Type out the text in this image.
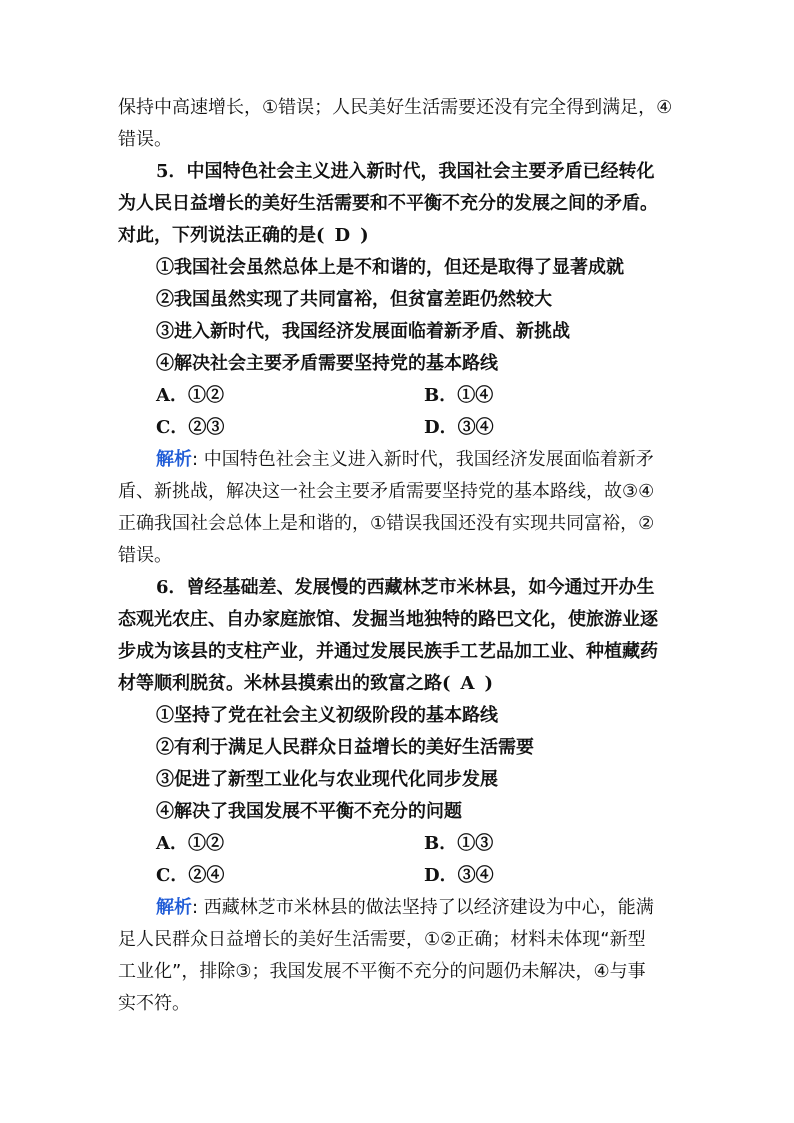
保持中高速增长，①错误；人民美好生活需要还没有完全得到满足，④
错误。
5．中国特色社会主义进入新时代，我国社会主要矛盾已经转化
为人民日益增长的美好生活需要和不平衡不充分的发展之间的矛盾。
对此，下列说法正确的是( D )
①我国社会虽然总体上是不和谐的，但还是取得了显著成就
②我国虽然实现了共同富裕，但贫富差距仍然较大
③进入新时代，我国经济发展面临着新矛盾、新挑战
④解决社会主要矛盾需要坚持党的基本路线
A．①②	B．①④
C．②③	D．③④
解析: 中国特色社会主义进入新时代，我国经济发展面临着新矛
盾、新挑战，解决这一社会主要矛盾需要坚持党的基本路线，故③④
正确我国社会总体上是和谐的，①错误我国还没有实现共同富裕，②
错误。
6．曾经基础差、发展慢的西藏林芝市米林县，如今通过开办生
态观光农庄、自办家庭旅馆、发掘当地独特的路巴文化，使旅游业逐
步成为该县的支柱产业，并通过发展民族手工艺品加工业、种植藏药
材等顺利脱贫。米林县摸索出的致富之路( A )
①坚持了党在社会主义初级阶段的基本路线
②有利于满足人民群众日益增长的美好生活需要
③促进了新型工业化与农业现代化同步发展
④解决了我国发展不平衡不充分的问题
A．①②	B．①③
C．②④	D．③④
解析: 西藏林芝市米林县的做法坚持了以经济建设为中心，能满
足人民群众日益增长的美好生活需要，①②正确；材料未体现“新型
工业化”，排除③；我国发展不平衡不充分的问题仍未解决，④与事
实不符。
